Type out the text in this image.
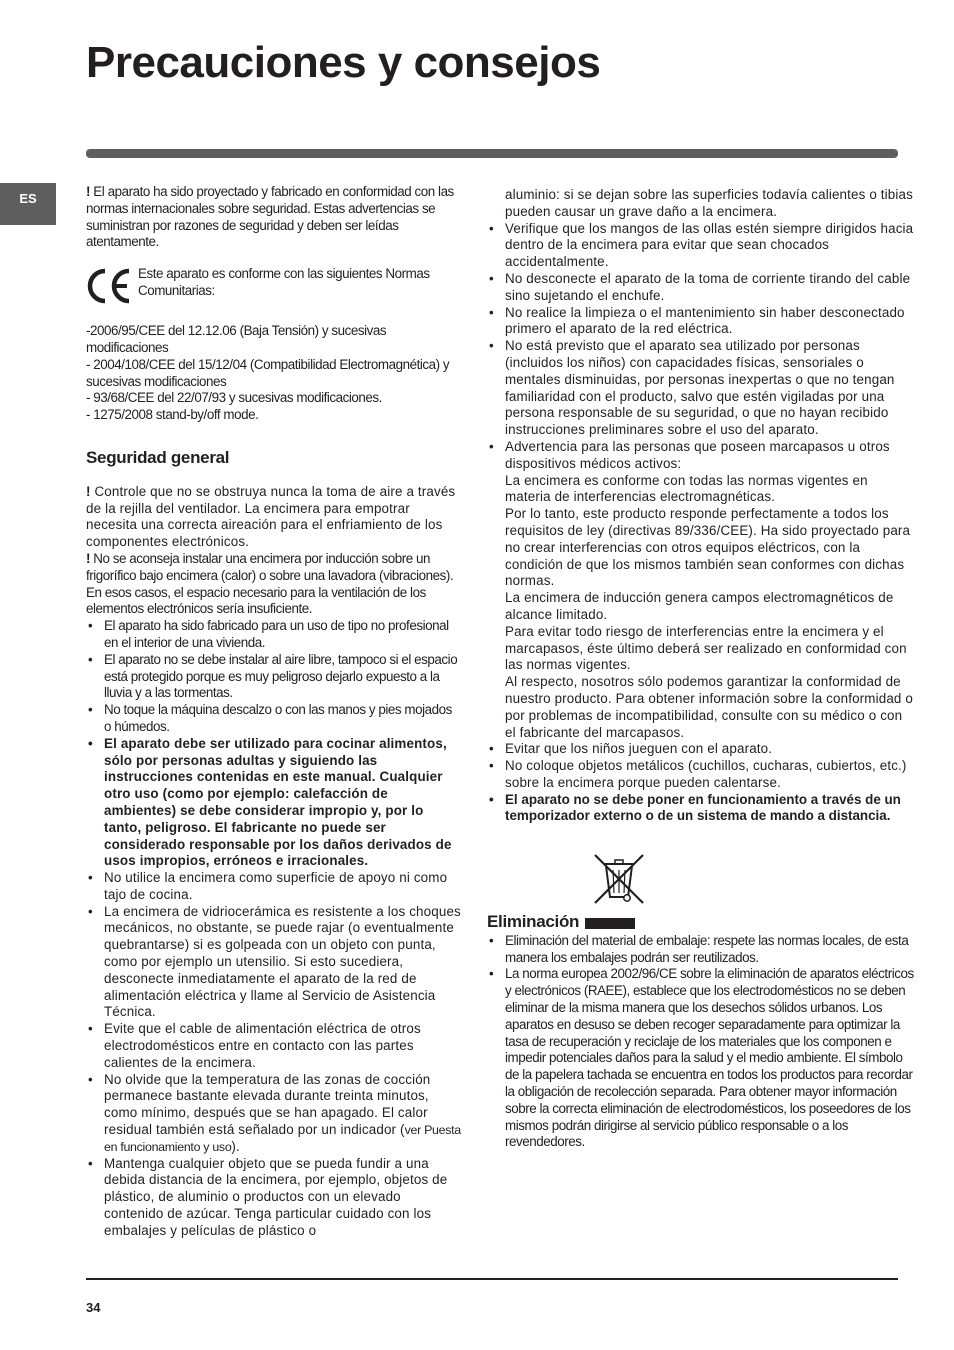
Precauciones y consejos
ES	! El aparato ha sido proyectado y fabricado en conformidad con las normas internacionales sobre seguridad. Estas advertencias se suministran por razones de seguridad y deben ser leídas atentamente.

Este aparato es conforme con las siguientes Normas Comunitarias:

-2006/95/CEE del 12.12.06 (Baja Tensión) y sucesivas modificaciones

- 2004/108/CEE del 15/12/04 (Compatibilidad Electromagnética) y sucesivas modificaciones

- 93/68/CEE del 22/07/93 y sucesivas modificaciones.

- 1275/2008 stand-by/off mode.

Seguridad general

! Controle que no se obstruya nunca la toma de aire a través de la rejilla del ventilador. La encimera para empotrar necesita una correcta aireación para el enfriamiento de los componentes electrónicos.

! No se aconseja instalar una encimera por inducción sobre un frigorífico bajo encimera (calor) o sobre una lavadora (vibraciones). En esos casos, el espacio necesario para la ventilación de los elementos electrónicos sería insuficiente.

• El aparato ha sido fabricado para un uso de tipo no profesional en el interior de una vivienda.
• El aparato no se debe instalar al aire libre, tampoco si el espacio está protegido porque es muy peligroso dejarlo expuesto a la lluvia y a las tormentas.
• No toque la máquina descalzo o con las manos y pies mojados o húmedos.
• El aparato debe ser utilizado para cocinar alimentos, sólo por personas adultas y siguiendo las instrucciones contenidas en este manual. Cualquier otro uso (como por ejemplo: calefacción de ambientes) se debe considerar impropio y, por lo tanto, peligroso. El fabricante no puede ser considerado responsable por los daños derivados de usos impropios, erróneos e irracionales.
• No utilice la encimera como superficie de apoyo ni como tajo de cocina.
• La encimera de vidriocerámica es resistente a los choques mecánicos, no obstante, se puede rajar (o eventualmente quebrantarse) si es golpeada con un objeto con punta, como por ejemplo un utensilio. Si esto sucediera, desconecte inmediatamente el aparato de la red de alimentación eléctrica y llame al Servicio de Asistencia Técnica.
• Evite que el cable de alimentación eléctrica de otros electrodomésticos entre en contacto con las partes calientes de la encimera.
• No olvide que la temperatura de las zonas de cocción permanece bastante elevada durante treinta minutos, como mínimo, después que se han apagado. El calor residual también está señalado por un indicador (ver Puesta en funcionamiento y uso).
• Mantenga cualquier objeto que se pueda fundir a una debida distancia de la encimera, por ejemplo, objetos de plástico, de aluminio o productos con un elevado contenido de azúcar. Tenga particular cuidado con los embalajes y películas de plástico o

aluminio: si se dejan sobre las superficies todavía calientes o tibias pueden causar un grave daño a la encimera.

• Verifique que los mangos de las ollas estén siempre dirigidos hacia dentro de la encimera para evitar que sean chocados accidentalmente.
• No desconecte el aparato de la toma de corriente tirando del cable sino sujetando el enchufe.
• No realice la limpieza o el mantenimiento sin haber desconectado primero el aparato de la red eléctrica.
• No está previsto que el aparato sea utilizado por personas (incluidos los niños) con capacidades físicas, sensoriales o mentales disminuidas, por personas inexpertas o que no tengan familiaridad con el producto, salvo que estén vigiladas por una persona responsable de su seguridad, o que no hayan recibido instrucciones preliminares sobre el uso del aparato.
• Advertencia para las personas que poseen marcapasos u otros dispositivos médicos activos:

La encimera es conforme con todas las normas vigentes en materia de interferencias electromagnéticas.

Por lo tanto, este producto responde perfectamente a todos los requisitos de ley (directivas 89/336/CEE). Ha sido proyectado para no crear interferencias con otros equipos eléctricos, con la condición de que los mismos también sean conformes con dichas normas.

La encimera de inducción genera campos electromagnéticos de alcance limitado.

Para evitar todo riesgo de interferencias entre la encimera y el marcapasos, éste último deberá ser realizado en conformidad con las normas vigentes.

Al respecto, nosotros sólo podemos garantizar la conformidad de nuestro producto. Para obtener información sobre la conformidad o por problemas de incompatibilidad, consulte con su médico o con el fabricante del marcapasos.

• Evitar que los niños jueguen con el aparato.
• No coloque objetos metálicos (cuchillos, cucharas, cubiertos, etc.) sobre la encimera porque pueden calentarse.
• El aparato no se debe poner en funcionamiento a través de un temporizador externo o de un sistema de mando a distancia.
Eliminación
• Eliminación del material de embalaje: respete las normas locales, de esta manera los embalajes podrán ser reutilizados.
• La norma europea 2002/96/CE sobre la eliminación de aparatos eléctricos y electrónicos (RAEE), establece que los electrodomésticos no se deben eliminar de la misma manera que los desechos sólidos urbanos. Los aparatos en desuso se deben recoger separadamente para optimizar la tasa de recuperación y reciclaje de los materiales que los componen e impedir potenciales daños para la salud y el medio ambiente. El símbolo de la papelera tachada se encuentra en todos los productos para recordar la obligación de recolección separada. Para obtener mayor información sobre la correcta eliminación de electrodomésticos, los poseedores de los mismos podrán dirigirse al servicio público responsable o a los revendedores.
34
